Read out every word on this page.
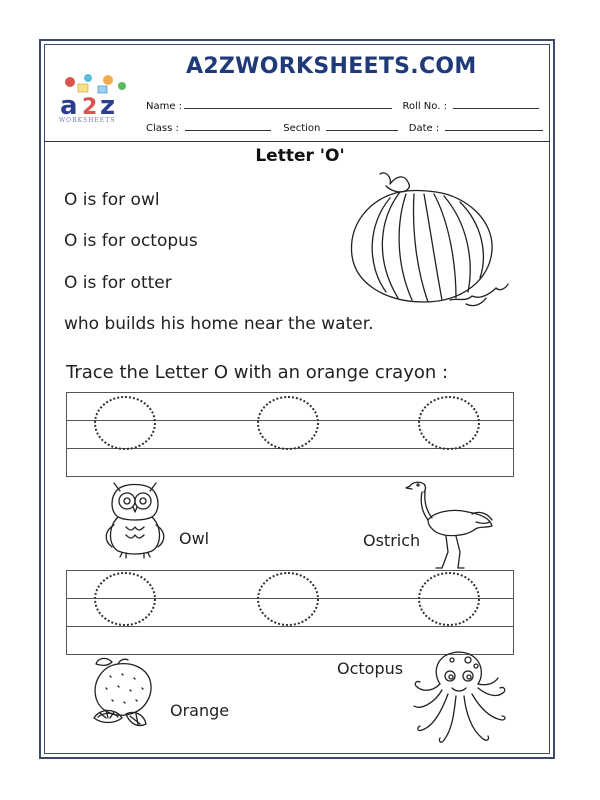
A2ZWORKSHEETS.COM
a 2 z
WORKSHEETS
Name :	Roll No. :
Class :	Section	Date :
Letter 'O'
O is for owl
O is for octopus
O is for otter
who builds his home near the water.
Trace the Letter O with an orange crayon :
Owl	Ostrich
Orange
Octopus
